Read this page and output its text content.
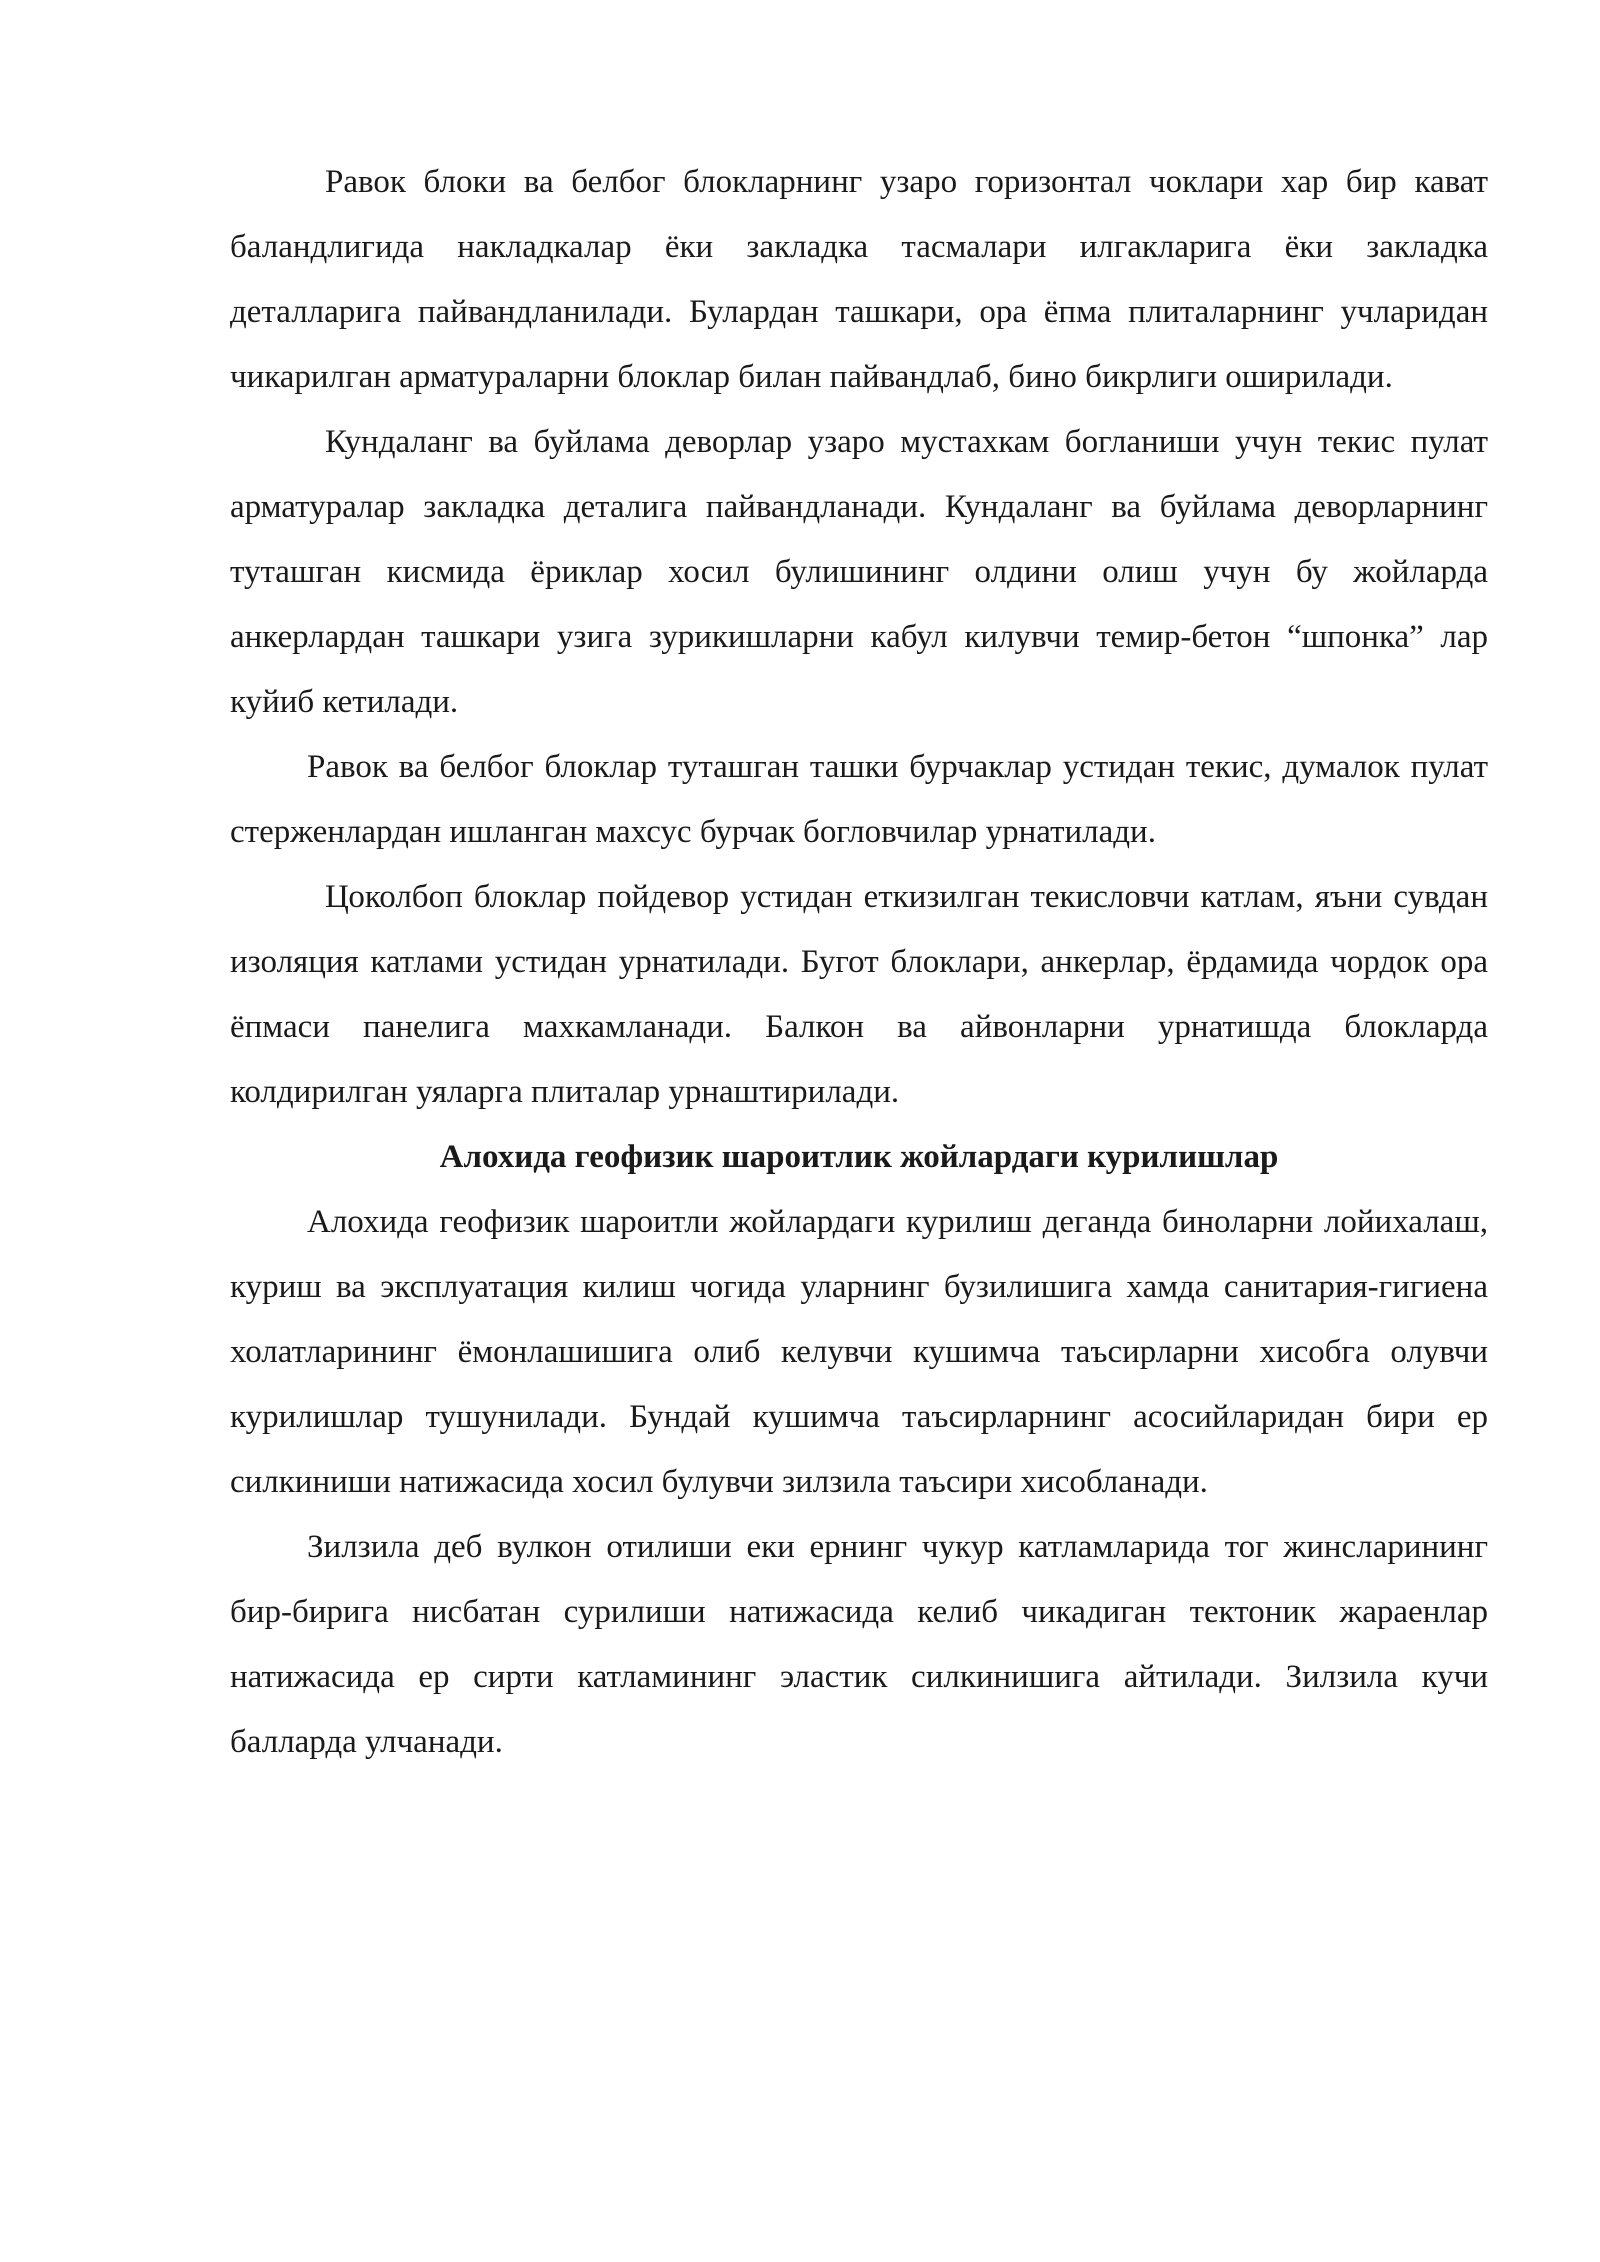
Равок блоки ва белбог блокларнинг узаро горизонтал чоклари хар бир кават баландлигида накладкалар ёки закладка тасмалари илгакларига ёки закладка деталларига пайвандланилади. Булардан ташкари, ора ёпма плиталарнинг учларидан чикарилган арматураларни блоклар билан пайвандлаб, бино бикрлиги оширилади.

Кундаланг ва буйлама деворлар узаро мустахкам богланиши учун текис пулат арматуралар закладка деталига пайвандланади. Кундаланг ва буйлама деворларнинг туташган кисмида ёриклар хосил булишининг олдини олиш учун бу жойларда анкерлардан ташкари узига зурикишларни кабул килувчи темир-бетон “шпонка” лар куйиб кетилади.

Равок ва белбог блоклар туташган ташки бурчаклар устидан текис, думалок пулат стерженлардан ишланган махсус бурчак богловчилар урнатилади.

Цоколбоп блоклар пойдевор устидан еткизилган текисловчи катлам, яъни сувдан изоляция катлами устидан урнатилади. Бугот блоклари, анкерлар, ёрдамида чордок ора ёпмаси панелига махкамланади. Балкон ва айвонларни урнатишда блокларда колдирилган уяларга плиталар урнаштирилади.

Алохида геофизик шароитлик жойлардаги курилишлар

Алохида геофизик шароитли жойлардаги курилиш деганда биноларни лойихалаш, куриш ва эксплуатация килиш чогида уларнинг бузилишига хамда санитария-гигиена холатларининг ёмонлашишига олиб келувчи кушимча таъсирларни хисобга олувчи курилишлар тушунилади. Бундай кушимча таъсирларнинг асосийларидан бири ер силкиниши натижасида хосил булувчи зилзила таъсири хисобланади.

Зилзила деб вулкон отилиши еки ернинг чукур катламларида тог жинсларининг бир-бирига нисбатан сурилиши натижасида келиб чикадиган тектоник жараенлар натижасида ер сирти катламининг эластик силкинишига айтилади. Зилзила кучи балларда улчанади.
